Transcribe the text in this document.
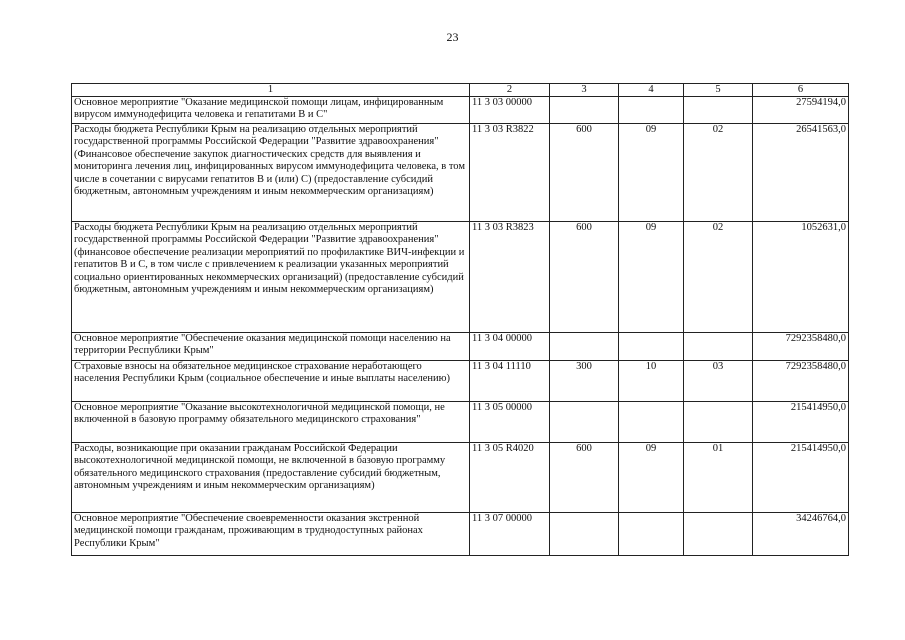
23
1	2	3	4	5	6
Основное мероприятие "Оказание медицинской помощи лицам, инфицированным вирусом иммунодефицита человека и гепатитами В и С"	11 3 03 00000				27594194,0
Расходы бюджета Республики Крым на реализацию отдельных мероприятий государственной программы Российской Федерации "Развитие здравоохранения" (Финансовое обеспечение закупок диагностических средств для выявления и мониторинга лечения лиц, инфицированных вирусом иммунодефицита человека, в том числе в сочетании с вирусами гепатитов В и (или) С) (предоставление субсидий бюджетным, автономным учреждениям и иным некоммерческим организациям)	11 3 03 R3822	600	09	02	26541563,0
Расходы бюджета Республики Крым на реализацию отдельных мероприятий государственной программы Российской Федерации "Развитие здравоохранения" (финансовое обеспечение реализации мероприятий по профилактике ВИЧ-инфекции и гепатитов В и С, в том числе с привлечением к реализации указанных мероприятий социально ориентированных некоммерческих организаций) (предоставление субсидий бюджетным, автономным учреждениям и иным некоммерческим организациям)	11 3 03 R3823	600	09	02	1052631,0
Основное мероприятие "Обеспечение оказания медицинской помощи населению на территории Республики Крым"	11 3 04 00000				7292358480,0
Страховые взносы на обязательное медицинское страхование неработающего населения Республики Крым (социальное обеспечение и иные выплаты населению)	11 3 04 11110	300	10	03	7292358480,0
Основное мероприятие "Оказание высокотехнологичной медицинской помощи, не включенной в базовую программу обязательного медицинского страхования"	11 3 05 00000				215414950,0
Расходы, возникающие при оказании гражданам Российской Федерации высокотехнологичной медицинской помощи, не включенной в базовую программу обязательного медицинского страхования (предоставление субсидий бюджетным, автономным учреждениям и иным некоммерческим организациям)	11 3 05 R4020	600	09	01	215414950,0
Основное мероприятие "Обеспечение своевременности оказания экстренной медицинской помощи гражданам, проживающим в труднодоступных районах Республики Крым"	11 3 07 00000				34246764,0
